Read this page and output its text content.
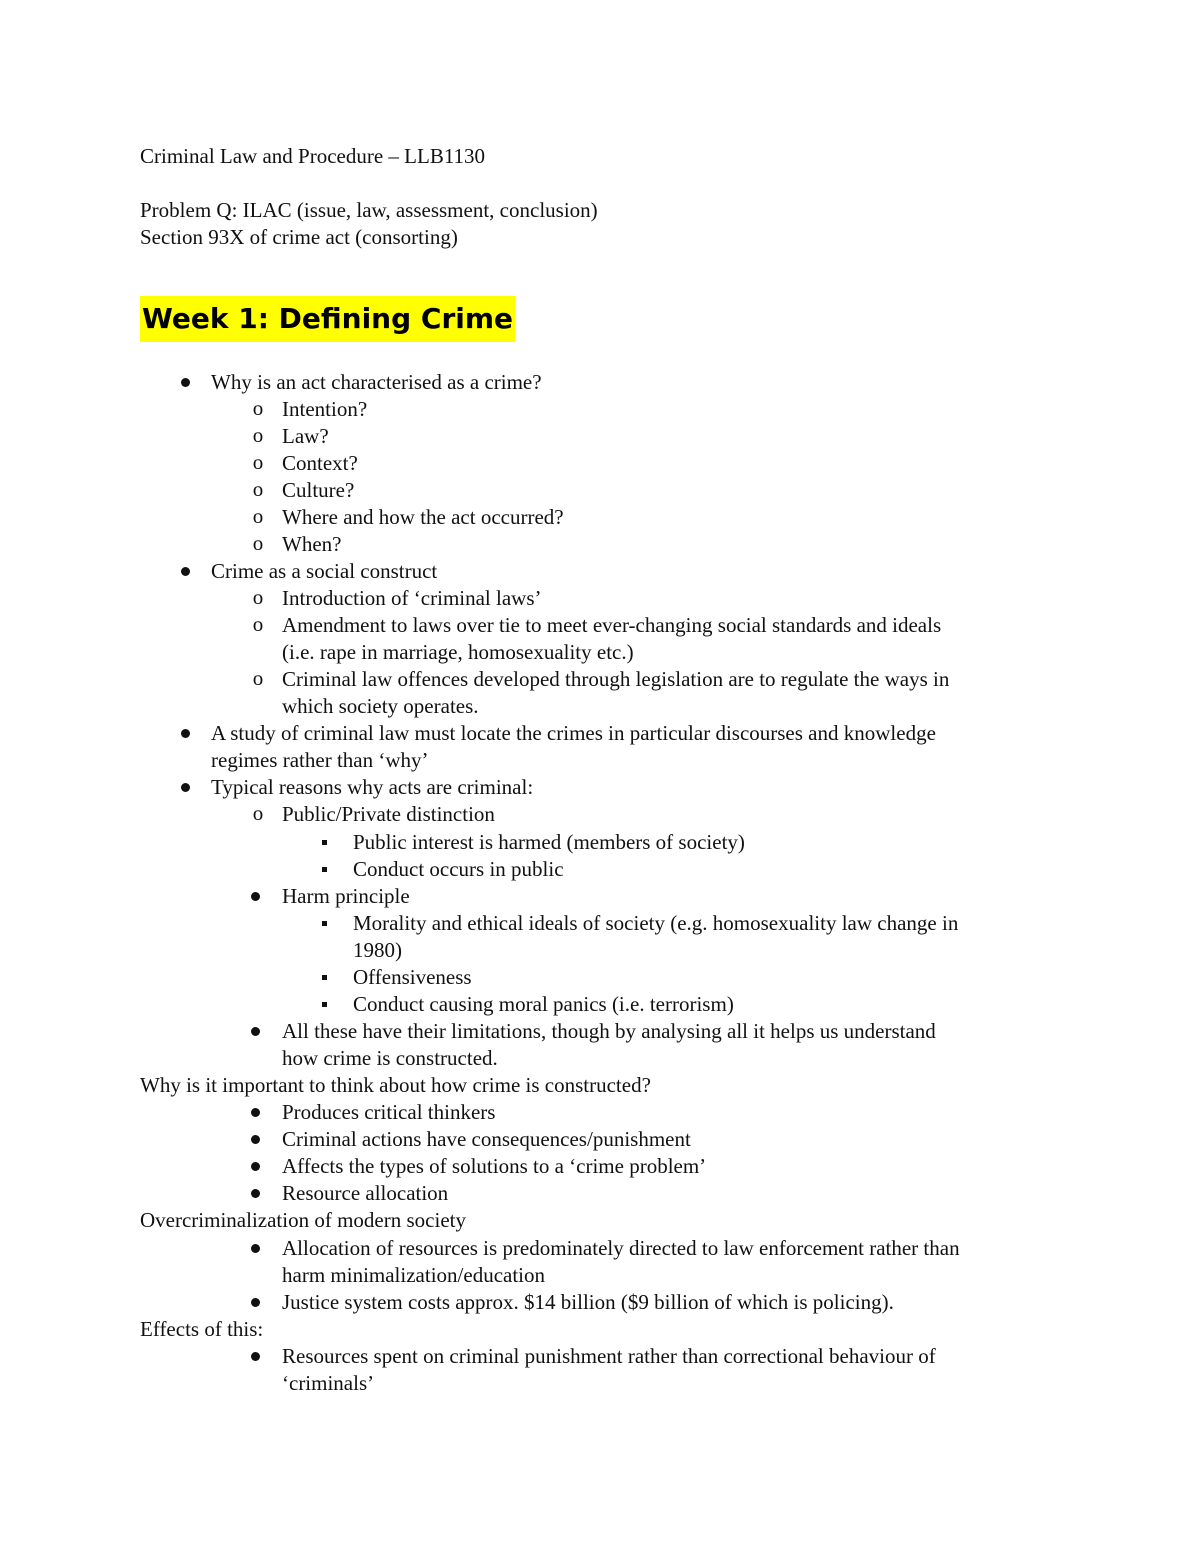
Criminal Law and Procedure – LLB1130
Problem Q: ILAC (issue, law, assessment, conclusion)
Section 93X of crime act (consorting)
Week 1: Defining Crime
Why is an act characterised as a crime?
Intention?
o
Law?
o
Context?
o
Culture?
o
Where and how the act occurred?
o
When?
o
Crime as a social construct
Introduction of ‘criminal laws’
o
Amendment to laws over tie to meet ever-changing social standards and ideals
o
(i.e. rape in marriage, homosexuality etc.)
Criminal law offences developed through legislation are to regulate the ways in
o
which society operates.
A study of criminal law must locate the crimes in particular discourses and knowledge
regimes rather than ‘why’
Typical reasons why acts are criminal:
Public/Private distinction
o
Public interest is harmed (members of society)
Conduct occurs in public
Harm principle
Morality and ethical ideals of society (e.g. homosexuality law change in
1980)
Offensiveness
Conduct causing moral panics (i.e. terrorism)
All these have their limitations, though by analysing all it helps us understand
how crime is constructed.
Why is it important to think about how crime is constructed?
Produces critical thinkers
Criminal actions have consequences/punishment
Affects the types of solutions to a ‘crime problem’
Resource allocation
Overcriminalization of modern society
Allocation of resources is predominately directed to law enforcement rather than
harm minimalization/education
Justice system costs approx. $14 billion ($9 billion of which is policing).
Effects of this:
Resources spent on criminal punishment rather than correctional behaviour of
‘criminals’
